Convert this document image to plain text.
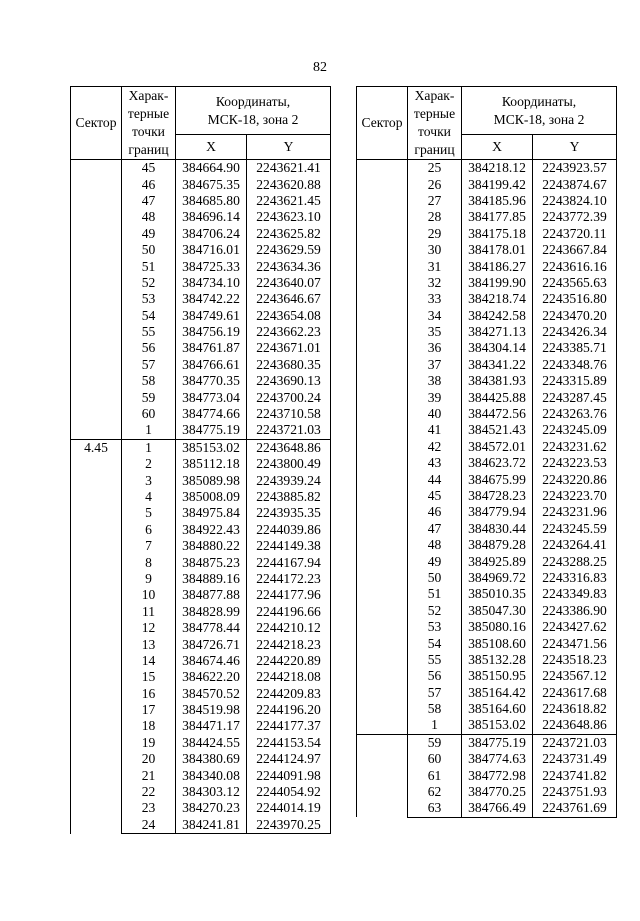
82
Сектор	Харак-
терные
точки
границ	Координаты,
МСК-18, зона 2	
		X	Y
	45	384664.90	2243621.41
	46	384675.35	2243620.88
	47	384685.80	2243621.45
	48	384696.14	2243623.10
	49	384706.24	2243625.82
	50	384716.01	2243629.59
	51	384725.33	2243634.36
	52	384734.10	2243640.07
	53	384742.22	2243646.67
	54	384749.61	2243654.08
	55	384756.19	2243662.23
	56	384761.87	2243671.01
	57	384766.61	2243680.35
	58	384770.35	2243690.13
	59	384773.04	2243700.24
	60	384774.66	2243710.58
	1	384775.19	2243721.03
4.45	1	385153.02	2243648.86
	2	385112.18	2243800.49
	3	385089.98	2243939.24
	4	385008.09	2243885.82
	5	384975.84	2243935.35
	6	384922.43	2244039.86
	7	384880.22	2244149.38
	8	384875.23	2244167.94
	9	384889.16	2244172.23
	10	384877.88	2244177.96
	11	384828.99	2244196.66
	12	384778.44	2244210.12
	13	384726.71	2244218.23
	14	384674.46	2244220.89
	15	384622.20	2244218.08
	16	384570.52	2244209.83
	17	384519.98	2244196.20
	18	384471.17	2244177.37
	19	384424.55	2244153.54
	20	384380.69	2244124.97
	21	384340.08	2244091.98
	22	384303.12	2244054.92
	23	384270.23	2244014.19
	24	384241.81	2243970.25
Сектор	Харак-
терные
точки
границ	Координаты,
МСК-18, зона 2	
		X	Y
	25	384218.12	2243923.57
	26	384199.42	2243874.67
	27	384185.96	2243824.10
	28	384177.85	2243772.39
	29	384175.18	2243720.11
	30	384178.01	2243667.84
	31	384186.27	2243616.16
	32	384199.90	2243565.63
	33	384218.74	2243516.80
	34	384242.58	2243470.20
	35	384271.13	2243426.34
	36	384304.14	2243385.71
	37	384341.22	2243348.76
	38	384381.93	2243315.89
	39	384425.88	2243287.45
	40	384472.56	2243263.76
	41	384521.43	2243245.09
	42	384572.01	2243231.62
	43	384623.72	2243223.53
	44	384675.99	2243220.86
	45	384728.23	2243223.70
	46	384779.94	2243231.96
	47	384830.44	2243245.59
	48	384879.28	2243264.41
	49	384925.89	2243288.25
	50	384969.72	2243316.83
	51	385010.35	2243349.83
	52	385047.30	2243386.90
	53	385080.16	2243427.62
	54	385108.60	2243471.56
	55	385132.28	2243518.23
	56	385150.95	2243567.12
	57	385164.42	2243617.68
	58	385164.60	2243618.82
	1	385153.02	2243648.86
	59	384775.19	2243721.03
	60	384774.63	2243731.49
	61	384772.98	2243741.82
	62	384770.25	2243751.93
	63	384766.49	2243761.69
